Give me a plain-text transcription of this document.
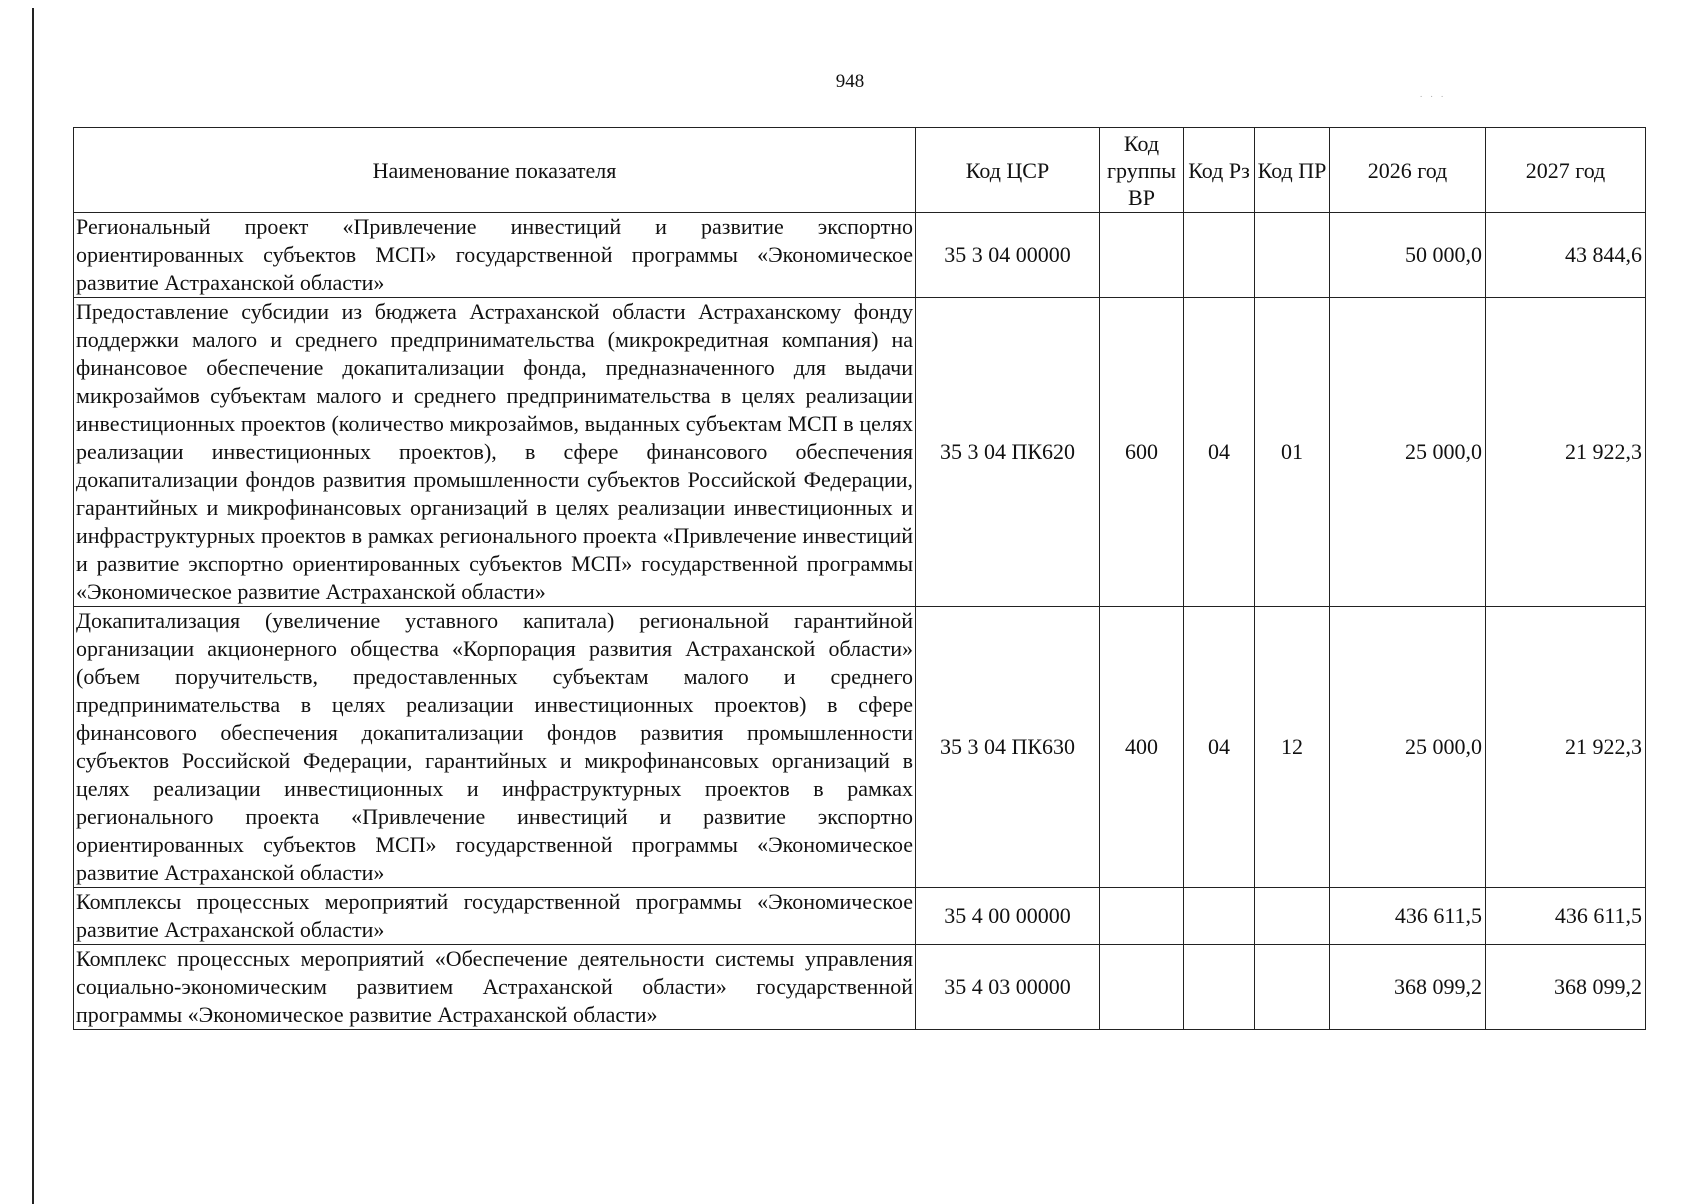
948
. . .
Наименование показателя	Код ЦСР	Код группы ВР	Код Рз	Код ПР	2026 год	2027 год
Региональный проект «Привлечение инвестиций и развитие экспортно ориентированных субъектов МСП» государственной программы «Экономическое развитие Астраханской области»	35 3 04 00000				50 000,0	43 844,6
Предоставление субсидии из бюджета Астраханской области Астраханскому фонду поддержки малого и среднего предпринимательства (микрокредитная компания) на финансовое обеспечение докапитализации фонда, предназначенного для выдачи микрозаймов субъектам малого и среднего предпринимательства в целях реализации инвестиционных проектов (количество микрозаймов, выданных субъектам МСП в целях реализации инвестиционных проектов), в сфере финансового обеспечения докапитализации фондов развития промышленности субъектов Российской Федерации, гарантийных и микрофинансовых организаций в целях реализации инвестиционных и инфраструктурных проектов в рамках регионального проекта «Привлечение инвестиций и развитие экспортно ориентированных субъектов МСП» государственной программы «Экономическое развитие Астраханской области»	35 3 04 ПК620	600	04	01	25 000,0	21 922,3
Докапитализация (увеличение уставного капитала) региональной гарантийной организации акционерного общества «Корпорация развития Астраханской области» (объем поручительств, предоставленных субъектам малого и среднего предпринимательства в целях реализации инвестиционных проектов) в сфере финансового обеспечения докапитализации фондов развития промышленности субъектов Российской Федерации, гарантийных и микрофинансовых организаций в целях реализации инвестиционных и инфраструктурных проектов в рамках регионального проекта «Привлечение инвестиций и развитие экспортно ориентированных субъектов МСП» государственной программы «Экономическое развитие Астраханской области»	35 3 04 ПК630	400	04	12	25 000,0	21 922,3
Комплексы процессных мероприятий государственной программы «Экономическое развитие Астраханской области»	35 4 00 00000				436 611,5	436 611,5
Комплекс процессных мероприятий «Обеспечение деятельности системы управления социально-экономическим развитием Астраханской области» государственной программы «Экономическое развитие Астраханской области»	35 4 03 00000				368 099,2	368 099,2
